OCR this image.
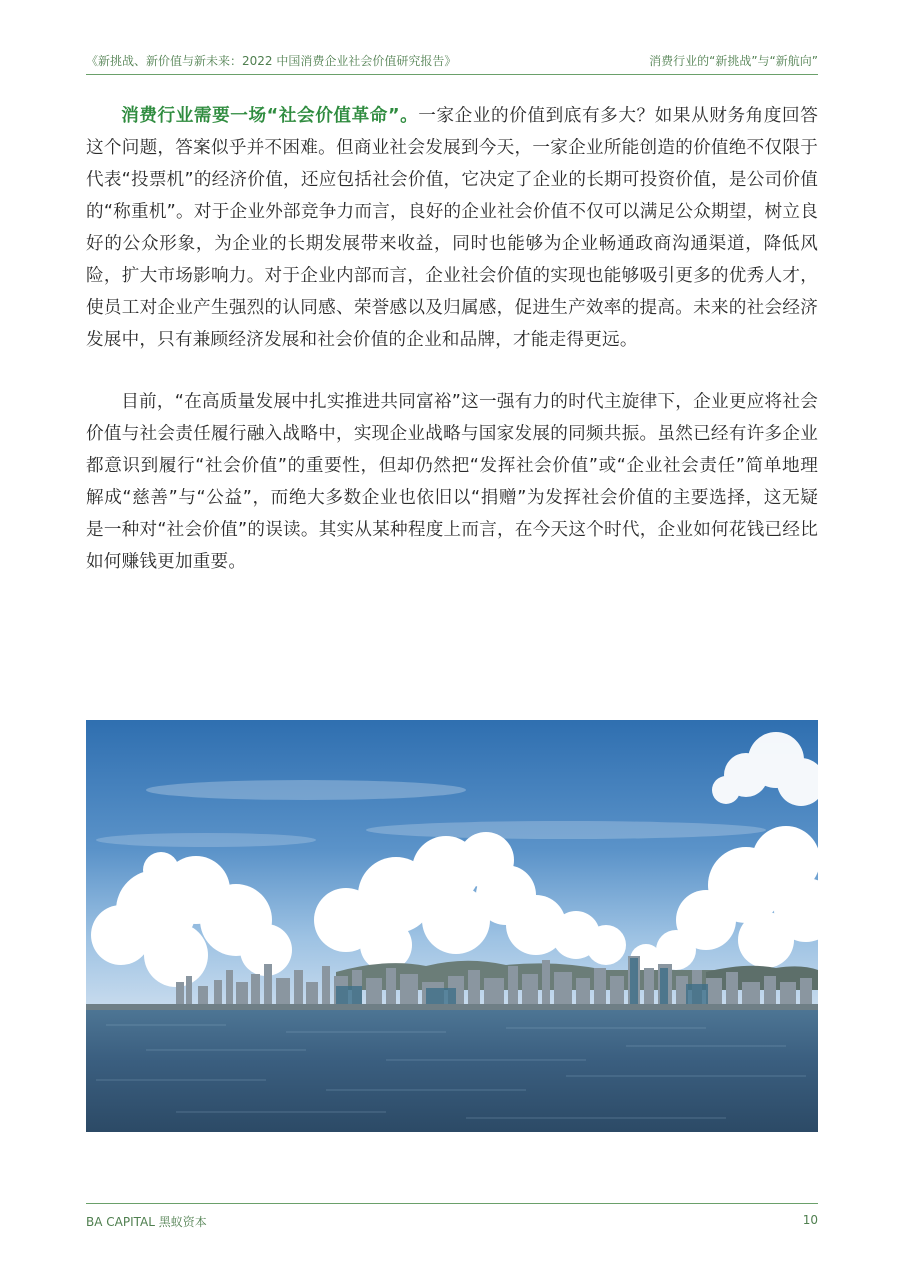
《新挑战、新价值与新未来：2022 中国消费企业社会价值研究报告》	消费行业的“新挑战”与“新航向”

消费行业需要一场“社会价值革命”。一家企业的价值到底有多大？如果从财务角度回答这个问题，答案似乎并不困难。但商业社会发展到今天，一家企业所能创造的价值绝不仅限于代表“投票机”的经济价值，还应包括社会价值，它决定了企业的长期可投资价值，是公司价值的“称重机”。对于企业外部竞争力而言，良好的企业社会价值不仅可以满足公众期望，树立良好的公众形象，为企业的长期发展带来收益，同时也能够为企业畅通政商沟通渠道，降低风险，扩大市场影响力。对于企业内部而言，企业社会价值的实现也能够吸引更多的优秀人才，使员工对企业产生强烈的认同感、荣誉感以及归属感，促进生产效率的提高。未来的社会经济发展中，只有兼顾经济发展和社会价值的企业和品牌，才能走得更远。

目前，“在高质量发展中扎实推进共同富裕”这一强有力的时代主旋律下，企业更应将社会价值与社会责任履行融入战略中，实现企业战略与国家发展的同频共振。虽然已经有许多企业都意识到履行“社会价值”的重要性，但却仍然把“发挥社会价值”或“企业社会责任”简单地理解成“慈善”与“公益”，而绝大多数企业也依旧以“捐赠”为发挥社会价值的主要选择，这无疑是一种对“社会价值”的误读。其实从某种程度上而言，在今天这个时代，企业如何花钱已经比如何赚钱更加重要。

BA CAPITAL 黑蚁资本	10
